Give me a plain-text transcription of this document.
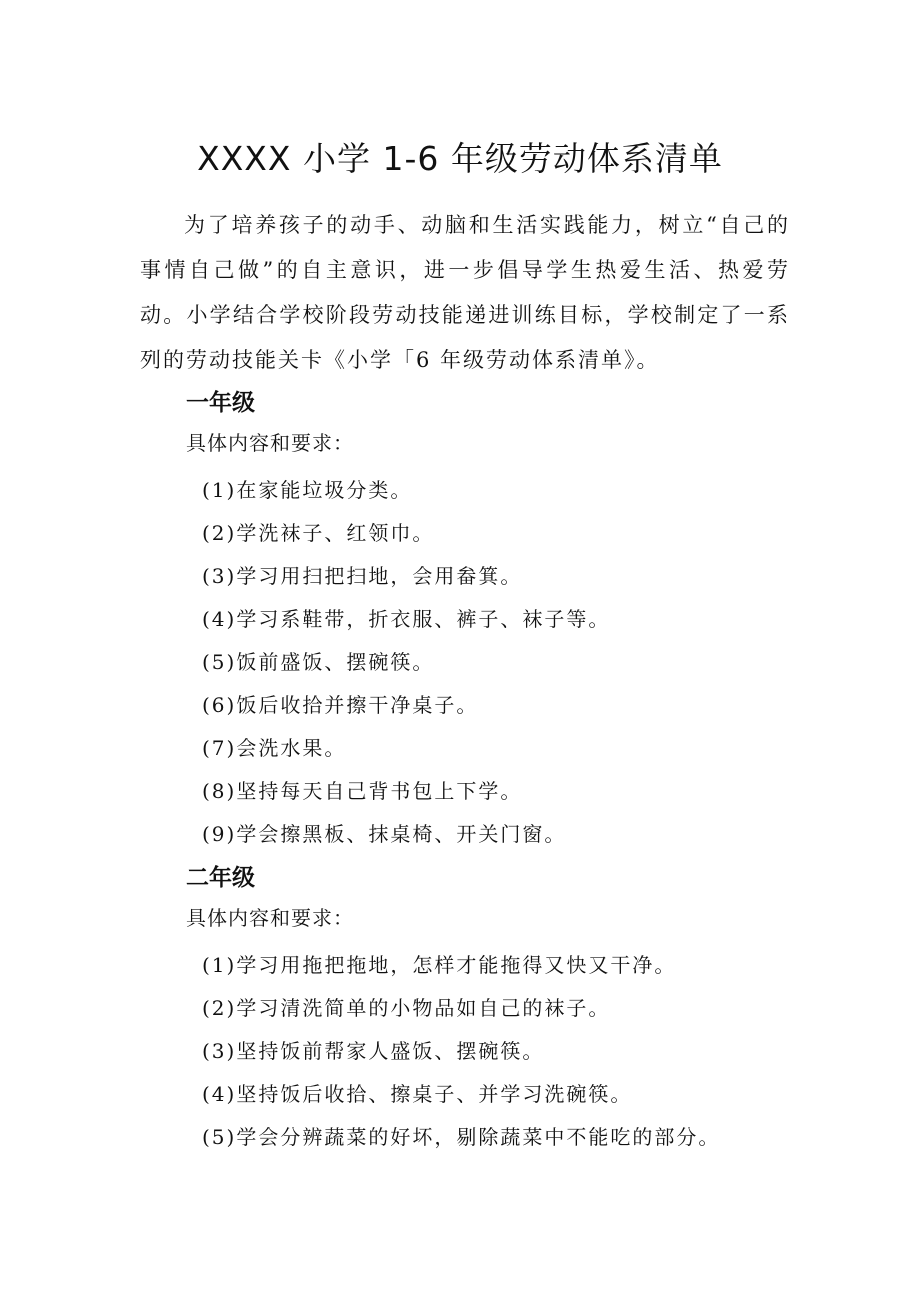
XXXX 小学 1-6 年级劳动体系清单

为了培养孩子的动手、动脑和生活实践能力，树立“自己的事情自己做”的自主意识，进一步倡导学生热爱生活、热爱劳动。小学结合学校阶段劳动技能递进训练目标，学校制定了一系列的劳动技能关卡《小学「6 年级劳动体系清单》。

一年级

具体内容和要求：

(1)在家能垃圾分类。
(2)学洗袜子、红领巾。
(3)学习用扫把扫地，会用畚箕。
(4)学习系鞋带，折衣服、裤子、袜子等。
(5)饭前盛饭、摆碗筷。
(6)饭后收拾并擦干净桌子。
(7)会洗水果。
(8)坚持每天自己背书包上下学。
(9)学会擦黑板、抹桌椅、开关门窗。
二年级

具体内容和要求：

(1)学习用拖把拖地，怎样才能拖得又快又干净。
(2)学习清洗简单的小物品如自己的袜子。
(3)坚持饭前帮家人盛饭、摆碗筷。
(4)坚持饭后收拾、擦桌子、并学习洗碗筷。
(5)学会分辨蔬菜的好坏，剔除蔬菜中不能吃的部分。
